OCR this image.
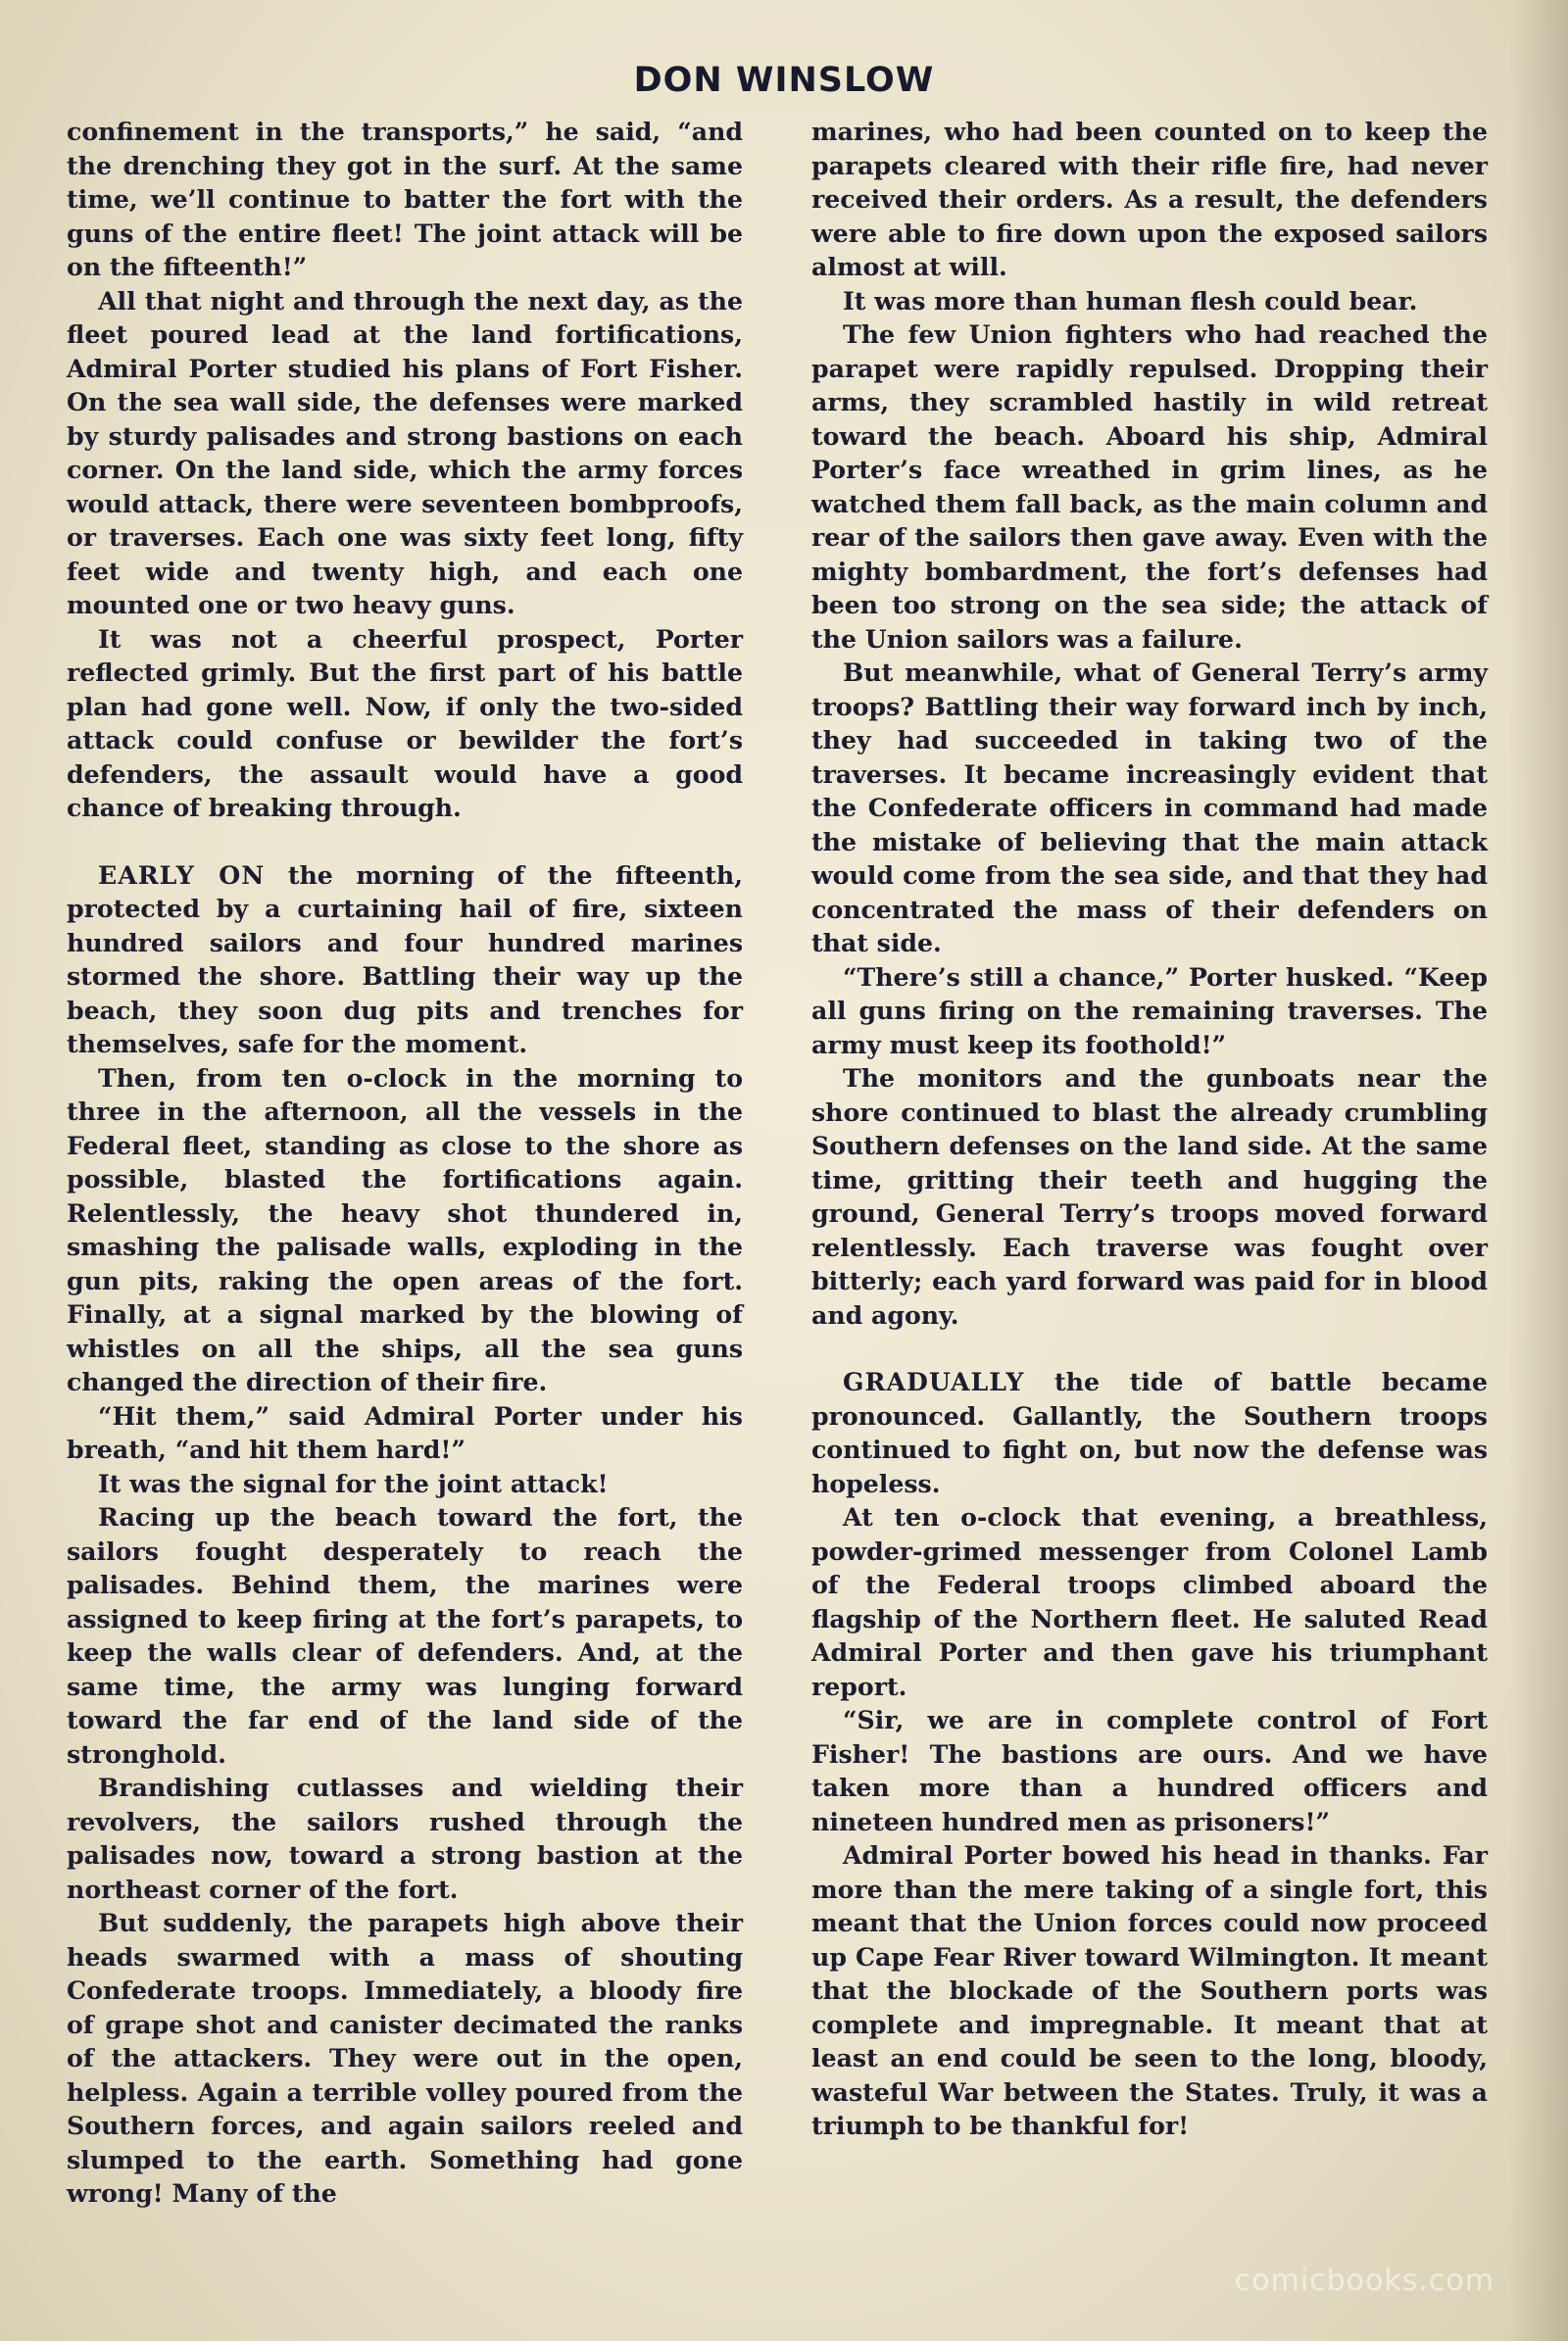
DON WINSLOW

confinement in the transports,” he said, “and the drenching they got in the surf. At the same time, we’ll continue to batter the fort with the guns of the entire fleet! The joint attack will be on the fifteenth!”

All that night and through the next day, as the fleet poured lead at the land fortifications, Admiral Porter studied his plans of Fort Fisher. On the sea wall side, the defenses were marked by sturdy palisades and strong bastions on each corner. On the land side, which the army forces would attack, there were seventeen bombproofs, or traverses. Each one was sixty feet long, fifty feet wide and twenty high, and each one mounted one or two heavy guns.

It was not a cheerful prospect, Porter reflected grimly. But the first part of his battle plan had gone well. Now, if only the two-sided attack could confuse or bewilder the fort’s defenders, the assault would have a good chance of breaking through.

EARLY ON the morning of the fifteenth, protected by a curtaining hail of fire, sixteen hundred sailors and four hundred marines stormed the shore. Battling their way up the beach, they soon dug pits and trenches for themselves, safe for the moment.

Then, from ten o-clock in the morning to three in the afternoon, all the vessels in the Federal fleet, standing as close to the shore as possible, blasted the fortifications again. Relentlessly, the heavy shot thundered in, smashing the palisade walls, exploding in the gun pits, raking the open areas of the fort. Finally, at a signal marked by the blowing of whistles on all the ships, all the sea guns changed the direction of their fire.

“Hit them,” said Admiral Porter under his breath, “and hit them hard!”

It was the signal for the joint attack!

Racing up the beach toward the fort, the sailors fought desperately to reach the palisades. Behind them, the marines were assigned to keep firing at the fort’s parapets, to keep the walls clear of defenders. And, at the same time, the army was lunging forward toward the far end of the land side of the stronghold.

Brandishing cutlasses and wielding their revolvers, the sailors rushed through the palisades now, toward a strong bastion at the northeast corner of the fort.

But suddenly, the parapets high above their heads swarmed with a mass of shouting Confederate troops. Immediately, a bloody fire of grape shot and canister decimated the ranks of the attackers. They were out in the open, helpless. Again a terrible volley poured from the Southern forces, and again sailors reeled and slumped to the earth. Something had gone wrong! Many of the

marines, who had been counted on to keep the parapets cleared with their rifle fire, had never received their orders. As a result, the defenders were able to fire down upon the exposed sailors almost at will.

It was more than human flesh could bear.

The few Union fighters who had reached the parapet were rapidly repulsed. Dropping their arms, they scrambled hastily in wild retreat toward the beach. Aboard his ship, Admiral Porter’s face wreathed in grim lines, as he watched them fall back, as the main column and rear of the sailors then gave away. Even with the mighty bombardment, the fort’s defenses had been too strong on the sea side; the attack of the Union sailors was a failure.

But meanwhile, what of General Terry’s army troops? Battling their way forward inch by inch, they had succeeded in taking two of the traverses. It became increasingly evident that the Confederate officers in command had made the mistake of believing that the main attack would come from the sea side, and that they had concentrated the mass of their defenders on that side.

“There’s still a chance,” Porter husked. “Keep all guns firing on the remaining traverses. The army must keep its foothold!”

The monitors and the gunboats near the shore continued to blast the already crumbling Southern defenses on the land side. At the same time, gritting their teeth and hugging the ground, General Terry’s troops moved forward relentlessly. Each traverse was fought over bitterly; each yard forward was paid for in blood and agony.

GRADUALLY the tide of battle became pronounced. Gallantly, the Southern troops continued to fight on, but now the defense was hopeless.

At ten o-clock that evening, a breathless, powder-grimed messenger from Colonel Lamb of the Federal troops climbed aboard the flagship of the Northern fleet. He saluted Read Admiral Porter and then gave his triumphant report.

“Sir, we are in complete control of Fort Fisher! The bastions are ours. And we have taken more than a hundred officers and nineteen hundred men as prisoners!”

Admiral Porter bowed his head in thanks. Far more than the mere taking of a single fort, this meant that the Union forces could now proceed up Cape Fear River toward Wilmington. It meant that the blockade of the Southern ports was complete and impregnable. It meant that at least an end could be seen to the long, bloody, wasteful War between the States. Truly, it was a triumph to be thankful for!

comicbooks.com
